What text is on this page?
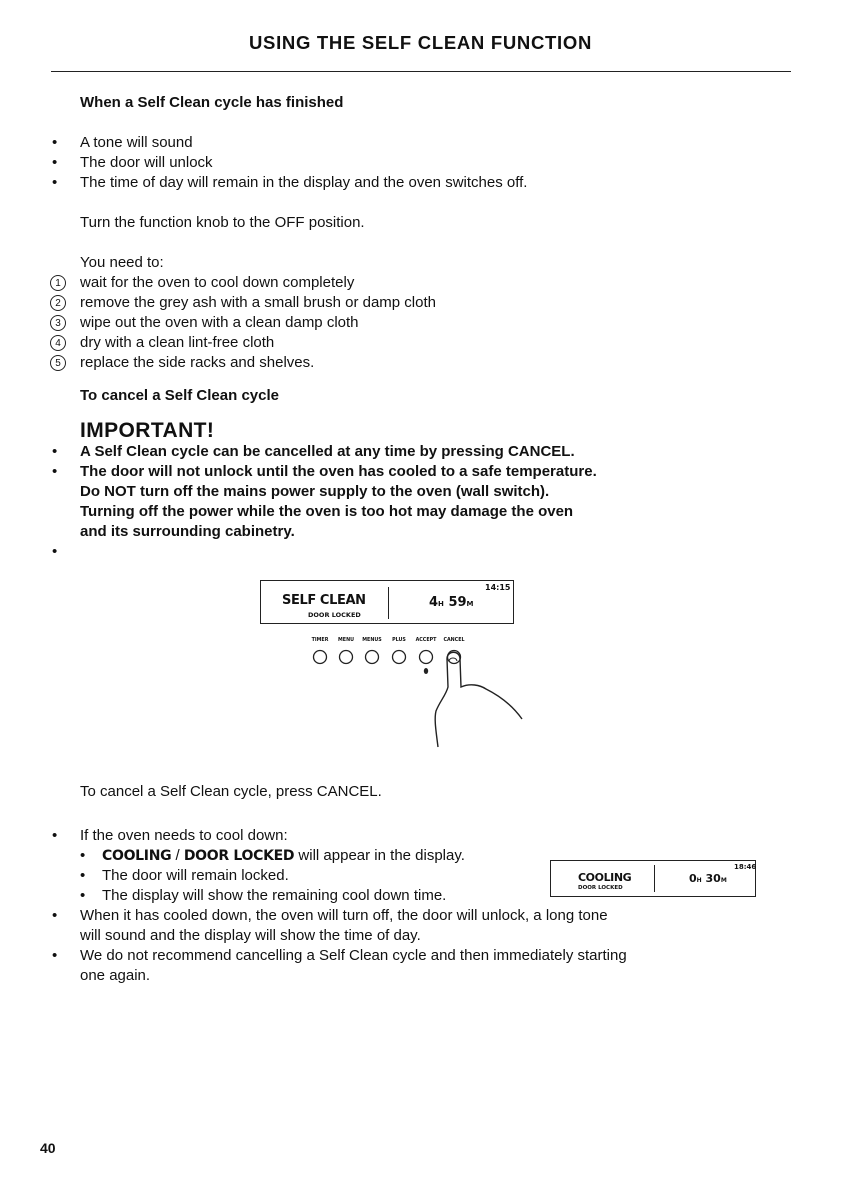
USING THE SELF CLEAN FUNCTION
When a Self Clean cycle has finished
• A tone will sound
• The door will unlock
• The time of day will remain in the display and the oven switches off.
Turn the function knob to the OFF position.
You need to:
1	wait for the oven to cool down completely
2	remove the grey ash with a small brush or damp cloth
3	wipe out the oven with a clean damp cloth
4	dry with a clean lint-free cloth
5	replace the side racks and shelves.
To cancel a Self Clean cycle
IMPORTANT!
• A Self Clean cycle can be cancelled at any time by pressing CANCEL.
• The door will not unlock until the oven has cooled to a safe temperature.
Do NOT turn off the mains power supply to the oven (wall switch).
Turning off the power while the oven is too hot may damage the oven
and its surrounding cabinetry.
•
SELF CLEAN
DOOR LOCKED
14:15
4H 59M
TIMER	MENU	MENUS	PLUS	ACCEPT	CANCEL
To cancel a Self Clean cycle, press CANCEL.
• If the oven needs to cool down:
• COOLING / DOOR LOCKED will appear in the display.
• The door will remain locked.
• The display will show the remaining cool down time.
COOLING
DOOR LOCKED
18:46
0H 30M
• When it has cooled down, the oven will turn off, the door will unlock, a long tone
will sound and the display will show the time of day.
• We do not recommend cancelling a Self Clean cycle and then immediately starting
one again.
40
